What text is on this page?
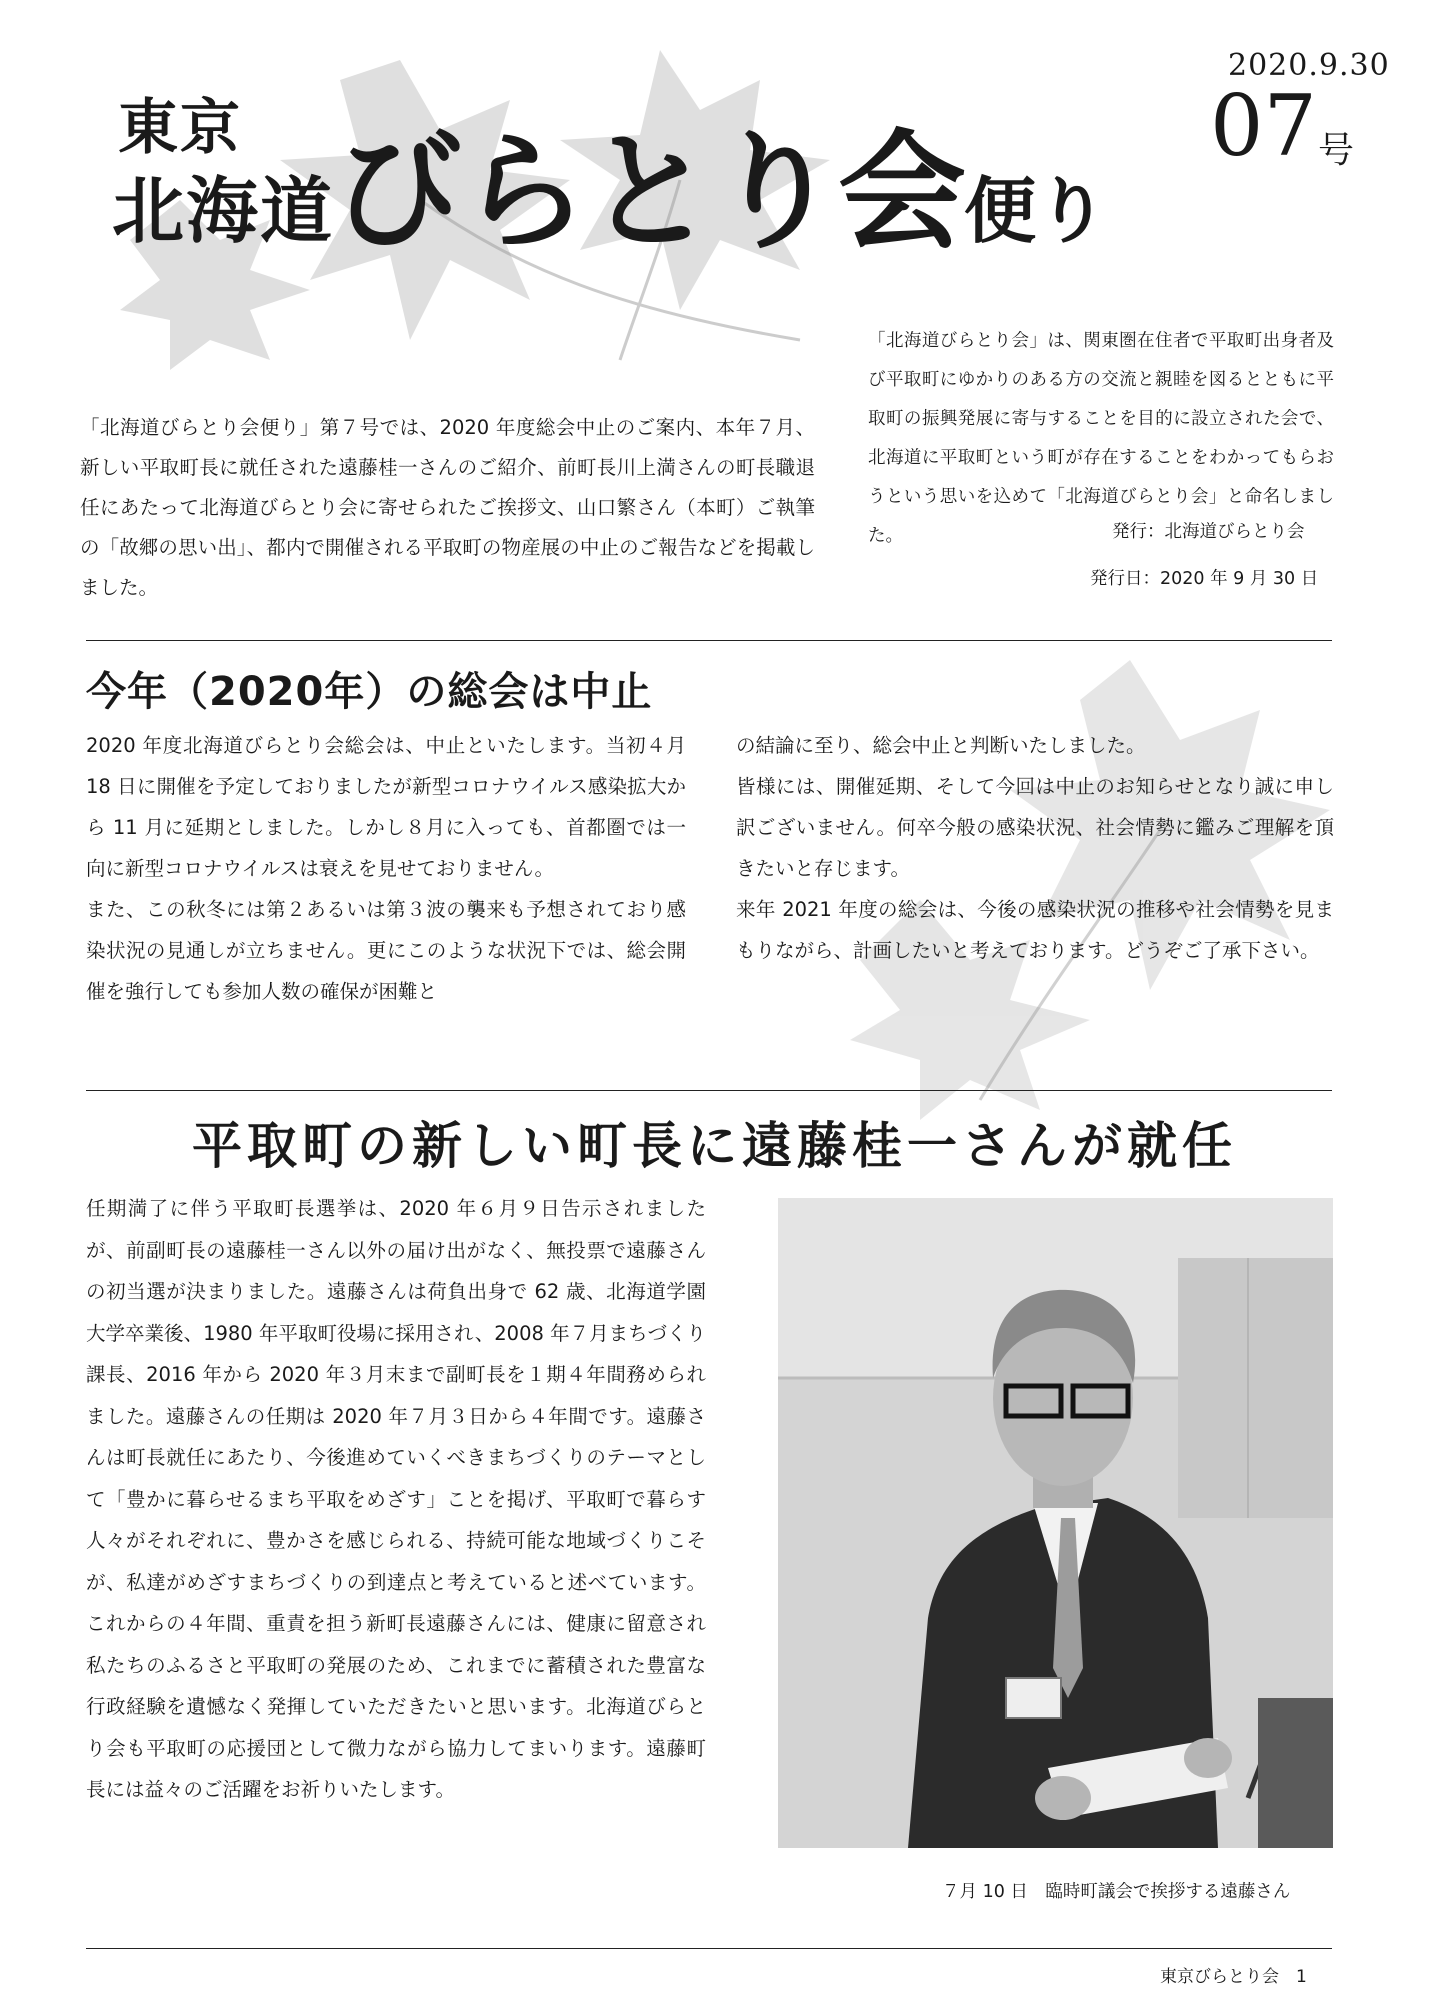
2020.9.30
07 号
東京
北海道びらとり会便り
「北海道びらとり会便り」第７号では、2020 年度総会中止のご案内、本年７月、新しい平取町長に就任された遠藤桂一さんのご紹介、前町長川上満さんの町長職退任にあたって北海道びらとり会に寄せられたご挨拶文、山口繁さん（本町）ご執筆の「故郷の思い出」、都内で開催される平取町の物産展の中止のご報告などを掲載しました。
「北海道びらとり会」は、関東圏在住者で平取町出身者及び平取町にゆかりのある方の交流と親睦を図るとともに平取町の振興発展に寄与することを目的に設立された会で、北海道に平取町という町が存在することをわかってもらおうという思いを込めて「北海道びらとり会」と命名しました。	発行：北海道びらとり会
発行日：2020 年 9 月 30 日
今年（2020年）の総会は中止

2020 年度北海道びらとり会総会は、中止といたします。当初４月 18 日に開催を予定しておりましたが新型コロナウイルス感染拡大から 11 月に延期としました。しかし８月に入っても、首都圏では一向に新型コロナウイルスは衰えを見せておりません。

また、この秋冬には第２あるいは第３波の襲来も予想されており感染状況の見通しが立ちません。更にこのような状況下では、総会開催を強行しても参加人数の確保が困難と

の結論に至り、総会中止と判断いたしました。

皆様には、開催延期、そして今回は中止のお知らせとなり誠に申し訳ございません。何卒今般の感染状況、社会情勢に鑑みご理解を頂きたいと存じます。

来年 2021 年度の総会は、今後の感染状況の推移や社会情勢を見まもりながら、計画したいと考えております。どうぞご了承下さい。

平取町の新しい町長に遠藤桂一さんが就任
任期満了に伴う平取町長選挙は、2020 年６月９日告示されましたが、前副町長の遠藤桂一さん以外の届け出がなく、無投票で遠藤さんの初当選が決まりました。遠藤さんは荷負出身で 62 歳、北海道学園大学卒業後、1980 年平取町役場に採用され、2008 年７月まちづくり課長、2016 年から 2020 年３月末まで副町長を１期４年間務められました。遠藤さんの任期は 2020 年７月３日から４年間です。遠藤さんは町長就任にあたり、今後進めていくべきまちづくりのテーマとして「豊かに暮らせるまち平取をめざす」ことを掲げ、平取町で暮らす人々がそれぞれに、豊かさを感じられる、持続可能な地域づくりこそが、私達がめざすまちづくりの到達点と考えていると述べています。これからの４年間、重責を担う新町長遠藤さんには、健康に留意され私たちのふるさと平取町の発展のため、これまでに蓄積された豊富な行政経験を遺憾なく発揮していただきたいと思います。北海道びらとり会も平取町の応援団として微力ながら協力してまいります。遠藤町長には益々のご活躍をお祈りいたします。
７月 10 日　臨時町議会で挨拶する遠藤さん
東京びらとり会　1
